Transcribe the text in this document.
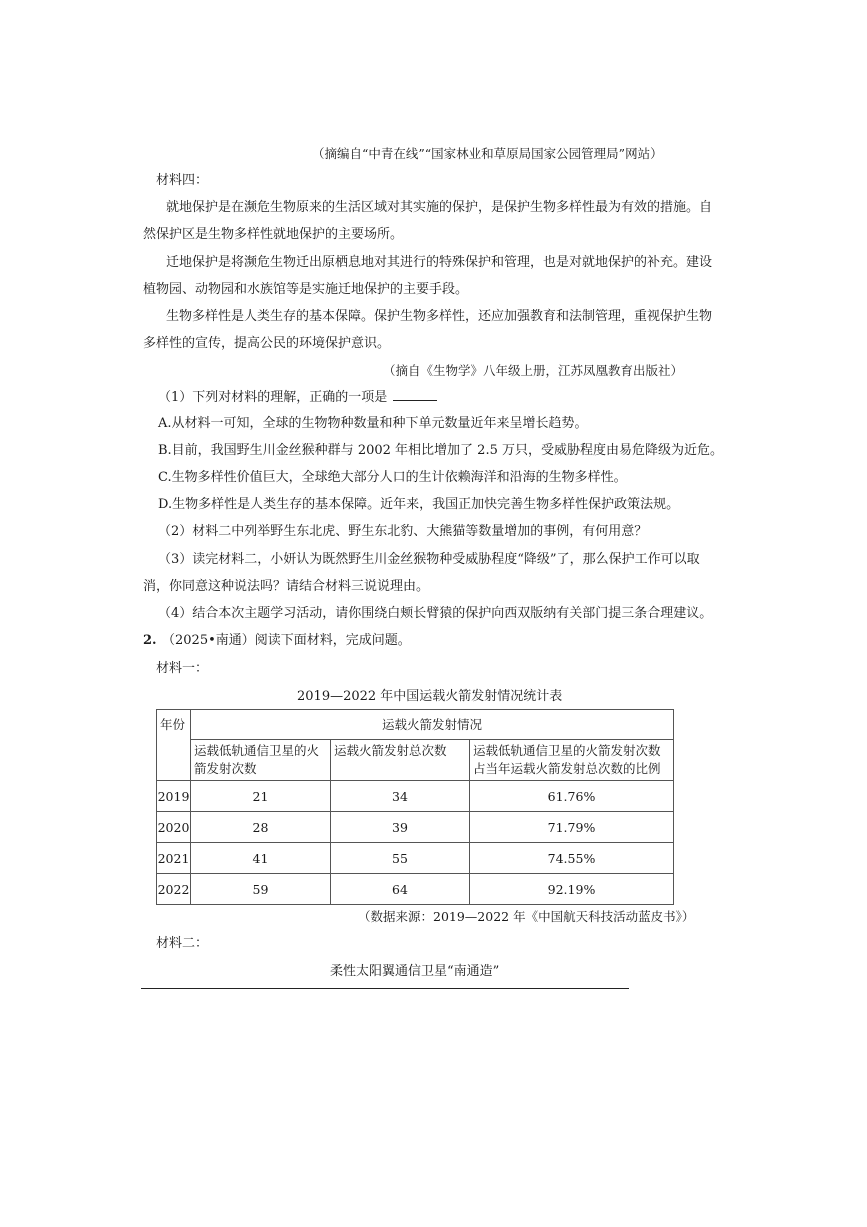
（摘编自“中青在线”“国家林业和草原局国家公园管理局”网站）
材料四：
就地保护是在濒危生物原来的生活区域对其实施的保护，是保护生物多样性最为有效的措施。自
然保护区是生物多样性就地保护的主要场所。
迁地保护是将濒危生物迁出原栖息地对其进行的特殊保护和管理，也是对就地保护的补充。建设
植物园、动物园和水族馆等是实施迁地保护的主要手段。
生物多样性是人类生存的基本保障。保护生物多样性，还应加强教育和法制管理，重视保护生物
多样性的宣传，提高公民的环境保护意识。
（摘自《生物学》八年级上册，江苏凤凰教育出版社）
（1）下列对材料的理解，正确的一项是
A.从材料一可知，全球的生物物种数量和种下单元数量近年来呈增长趋势。
B.目前，我国野生川金丝猴种群与 2002 年相比增加了 2.5 万只，受威胁程度由易危降级为近危。
C.生物多样性价值巨大，全球绝大部分人口的生计依赖海洋和沿海的生物多样性。
D.生物多样性是人类生存的基本保障。近年来，我国正加快完善生物多样性保护政策法规。
（2）材料二中列举野生东北虎、野生东北豹、大熊猫等数量增加的事例，有何用意？
（3）读完材料二，小妍认为既然野生川金丝猴物种受威胁程度“降级”了，那么保护工作可以取
消，你同意这种说法吗？请结合材料三说说理由。
（4）结合本次主题学习活动，请你围绕白颊长臂猿的保护向西双版纳有关部门提三条合理建议。
2. （2025•南通）阅读下面材料，完成问题。
材料一：
2019—2022 年中国运载火箭发射情况统计表
年份	运载火箭发射情况		
	运载低轨通信卫星的火箭发射次数	运载火箭发射总次数	运载低轨通信卫星的火箭发射次数占当年运载火箭发射总次数的比例
2019	21	34	61.76%
2020	28	39	71.79%
2021	41	55	74.55%
2022	59	64	92.19%
（数据来源：2019—2022 年《中国航天科技活动蓝皮书》）
材料二：
柔性太阳翼通信卫星“南通造”
